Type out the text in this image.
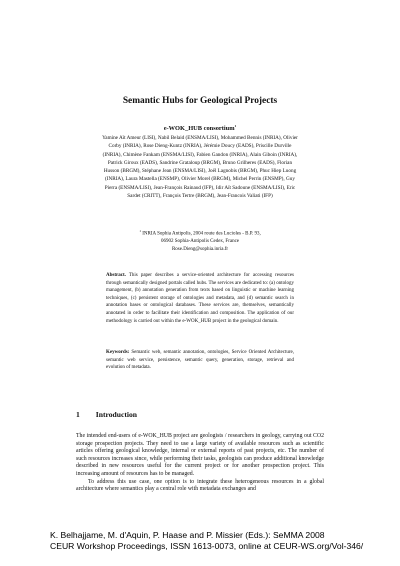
Semantic Hubs for Geological Projects
e-WOK_HUB consortium$^1$
Yamine Aït Ameur (LISI), Nabil Belaid (ENSMA/LISI), Mohammed Bennis (INRIA), Olivier Corby (INRIA), Rose Dieng-Kuntz (INRIA), Jérémie Doucy (EADS), Priscille Durville (INRIA), Chimène Fankam (ENSMA/LISI), Fabien Gandon (INRIA), Alain Giboin (INRIA), Patrick Giroux (EADS), Sandrine Grataloup (BRGM), Bruno Grilheres (EADS), Florian Husson (BRGM), Stéphane Jean (ENSMA/LISI), Joël Lagnobis (BRGM), Phuc Hiep Luong (INRIA), Laura Mastella (ENSMP), Olivier Morel (BRGM), Michel Perrin (ENSMP), Guy Pierra (ENSMA/LISI), Jean-François Rainaud (IFP), Idir Aït Sadoune (ENSMA/LISI), Eric Sardet (CRITT), François Tertre (BRGM), Jean-Francois Valiati (IFP)
$^1$ INRIA Sophia Antipolis, 2004 route des Lucioles - B.P. 93,
06902 Sophia-Antipolis Cedex, France
Rose.Dieng@sophia.inria.fr
Abstract. This paper describes a service-oriented architecture for accessing resources through semantically designed portals called hubs. The services are dedicated to: (a) ontology management, (b) annotation generation from texts based on linguistic or machine learning techniques, (c) persistent storage of ontologies and metadata, and (d) semantic search in annotation bases or ontological databases. These services are, themselves, semantically annotated in order to facilitate their identification and composition. The application of our methodology is carried out within the e-WOK_HUB project in the geological domain.
Keywords: Semantic web, semantic annotation, ontologies, Service Oriented Architecture, semantic web service, persistence, semantic query, generation, storage, retrieval and evolution of metadata.
1 Introduction

The intended end-users of e-WOK_HUB project are geologists / researchers in geology, carrying out CO2 storage prospection projects. They need to use a large variety of available resources such as scientific articles offering geological knowledge, internal or external reports of past projects, etc. The number of such resources increases since, while performing their tasks, geologists can produce additional knowledge described in new resources useful for the current project or for another prospection project. This increasing amount of resources has to be managed.

To address this use case, one option is to integrate these heterogeneous resources in a global architecture where semantics play a central role with metadata exchanges and

K. Belhajjame, M. d'Aquin, P. Haase and P. Missier (Eds.): SeMMA 2008
CEUR Workshop Proceedings, ISSN 1613-0073, online at CEUR-WS.org/Vol-346/
